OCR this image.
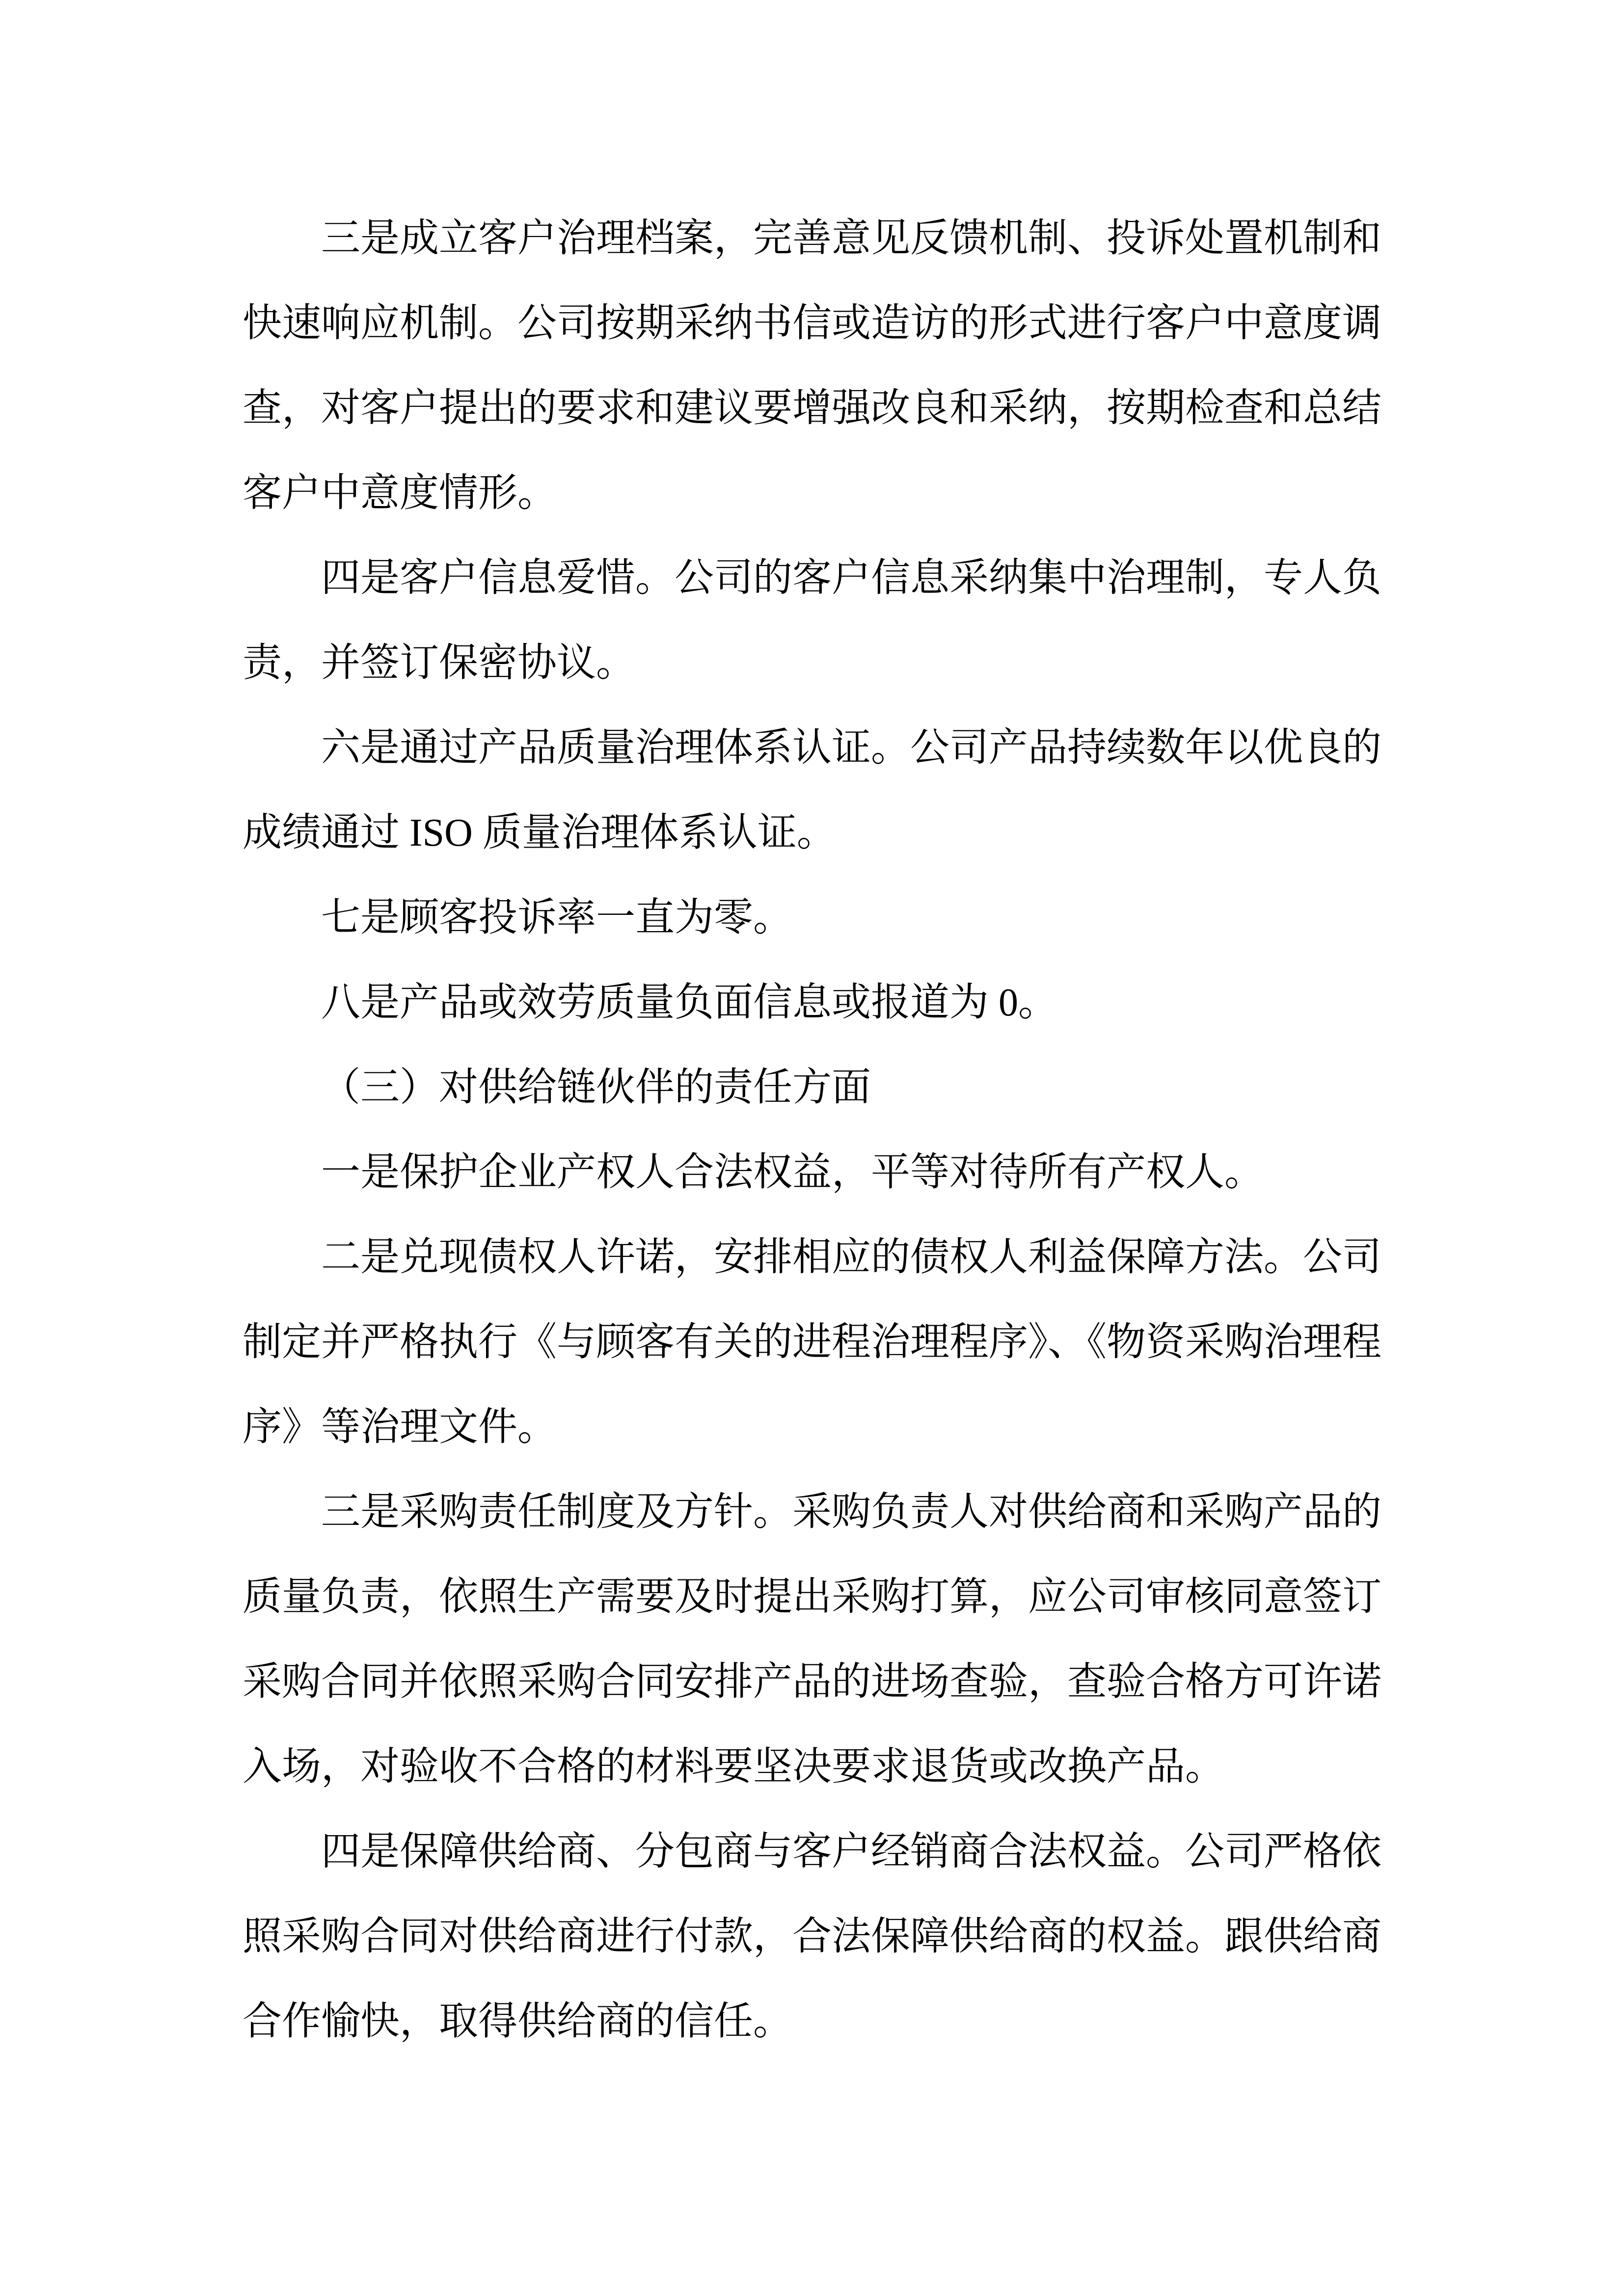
三是成立客户治理档案，完善意见反馈机制、投诉处置机制和快速响应机制。公司按期采纳书信或造访的形式进行客户中意度调查，对客户提出的要求和建议要增强改良和采纳，按期检查和总结客户中意度情形。

四是客户信息爱惜。公司的客户信息采纳集中治理制，专人负责，并签订保密协议。

六是通过产品质量治理体系认证。公司产品持续数年以优良的成绩通过 ISO 质量治理体系认证。

七是顾客投诉率一直为零。

八是产品或效劳质量负面信息或报道为 0。

（三）对供给链伙伴的责任方面

一是保护企业产权人合法权益，平等对待所有产权人。

二是兑现债权人许诺，安排相应的债权人利益保障方法。公司制定并严格执行《与顾客有关的进程治理程序》、《物资采购治理程序》等治理文件。

三是采购责任制度及方针。采购负责人对供给商和采购产品的质量负责，依照生产需要及时提出采购打算，应公司审核同意签订采购合同并依照采购合同安排产品的进场查验，查验合格方可许诺入场，对验收不合格的材料要坚决要求退货或改换产品。

四是保障供给商、分包商与客户经销商合法权益。公司严格依照采购合同对供给商进行付款，合法保障供给商的权益。跟供给商合作愉快，取得供给商的信任。
